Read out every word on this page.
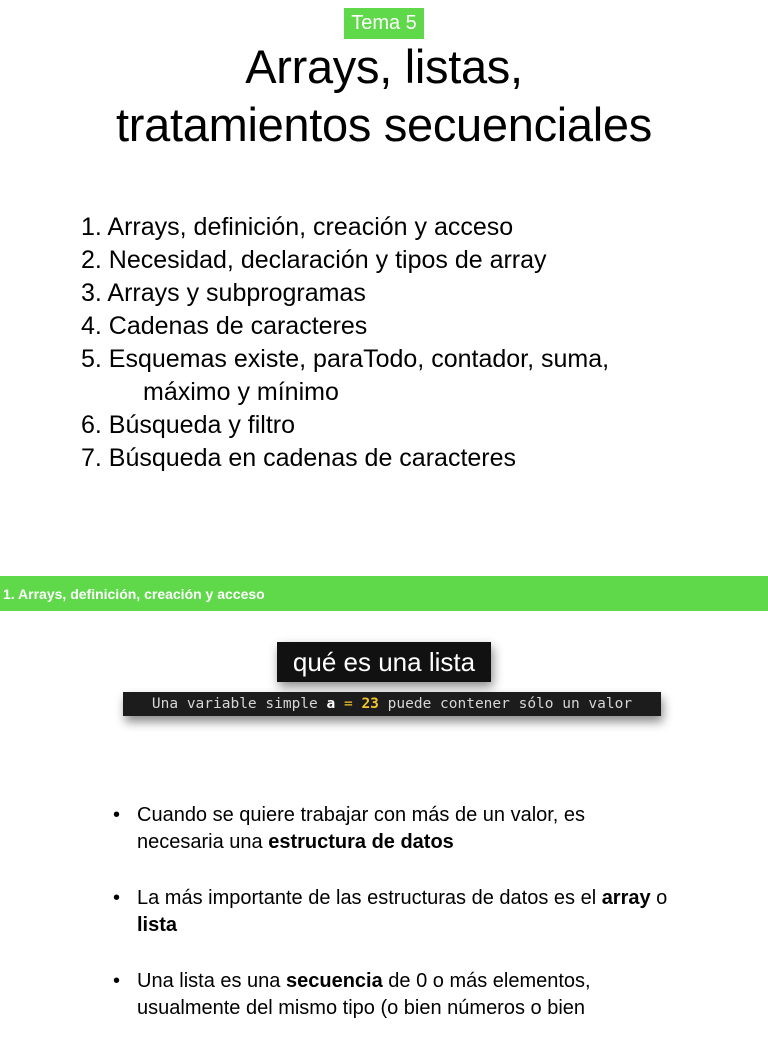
Tema 5
Arrays, listas,
tratamientos secuenciales
1. Arrays, definición, creación y acceso
2. Necesidad, declaración y tipos de array
3. Arrays y subprogramas
4. Cadenas de caracteres
5. Esquemas existe, paraTodo, contador, suma,
máximo y mínimo
6. Búsqueda y filtro
7. Búsqueda en cadenas de caracteres
1. Arrays, definición, creación y acceso
qué es una lista
Una variable simple a = 23 puede contener sólo un valor
• Cuando se quiere trabajar con más de un valor, es necesaria una estructura de datos
• La más importante de las estructuras de datos es el array o lista
• Una lista es una secuencia de 0 o más elementos, usualmente del mismo tipo (o bien números o bien
